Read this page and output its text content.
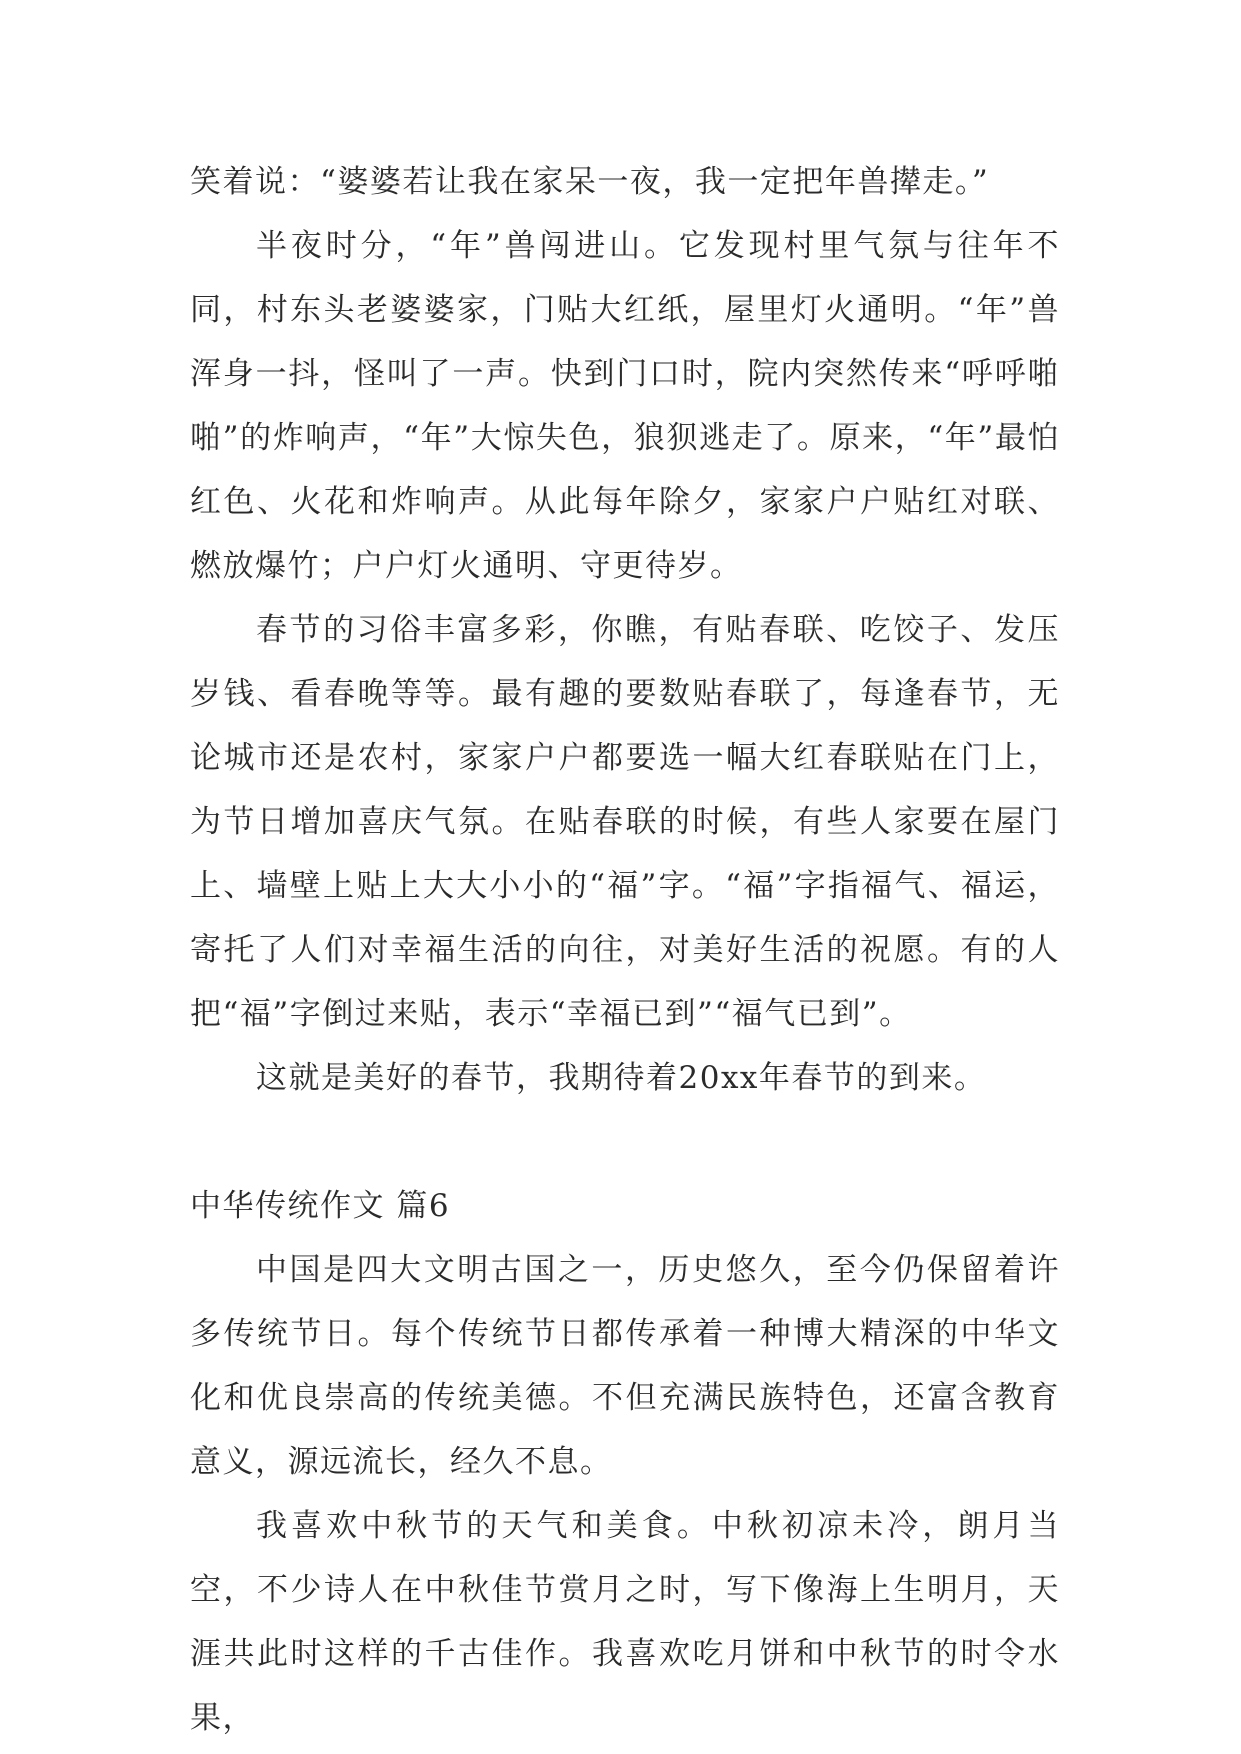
笑着说：“婆婆若让我在家呆一夜，我一定把年兽撵走。”

半夜时分，“年”兽闯进山。它发现村里气氛与往年不同，村东头老婆婆家，门贴大红纸，屋里灯火通明。“年”兽浑身一抖，怪叫了一声。快到门口时，院内突然传来“呼呼啪啪”的炸响声，“年”大惊失色，狼狈逃走了。原来，“年”最怕红色、火花和炸响声。从此每年除夕，家家户户贴红对联、燃放爆竹；户户灯火通明、守更待岁。

春节的习俗丰富多彩，你瞧，有贴春联、吃饺子、发压岁钱、看春晚等等。最有趣的要数贴春联了，每逢春节，无论城市还是农村，家家户户都要选一幅大红春联贴在门上，为节日增加喜庆气氛。在贴春联的时候，有些人家要在屋门上、墙壁上贴上大大小小的“福”字。“福”字指福气、福运，寄托了人们对幸福生活的向往，对美好生活的祝愿。有的人把“福”字倒过来贴，表示“幸福已到”“福气已到”。

这就是美好的春节，我期待着20xx年春节的到来。

中华传统作文 篇6

中国是四大文明古国之一，历史悠久，至今仍保留着许多传统节日。每个传统节日都传承着一种博大精深的中华文化和优良崇高的传统美德。不但充满民族特色，还富含教育意义，源远流长，经久不息。

我喜欢中秋节的天气和美食。中秋初凉未冷，朗月当空，不少诗人在中秋佳节赏月之时，写下像海上生明月，天涯共此时这样的千古佳作。我喜欢吃月饼和中秋节的时令水果，
